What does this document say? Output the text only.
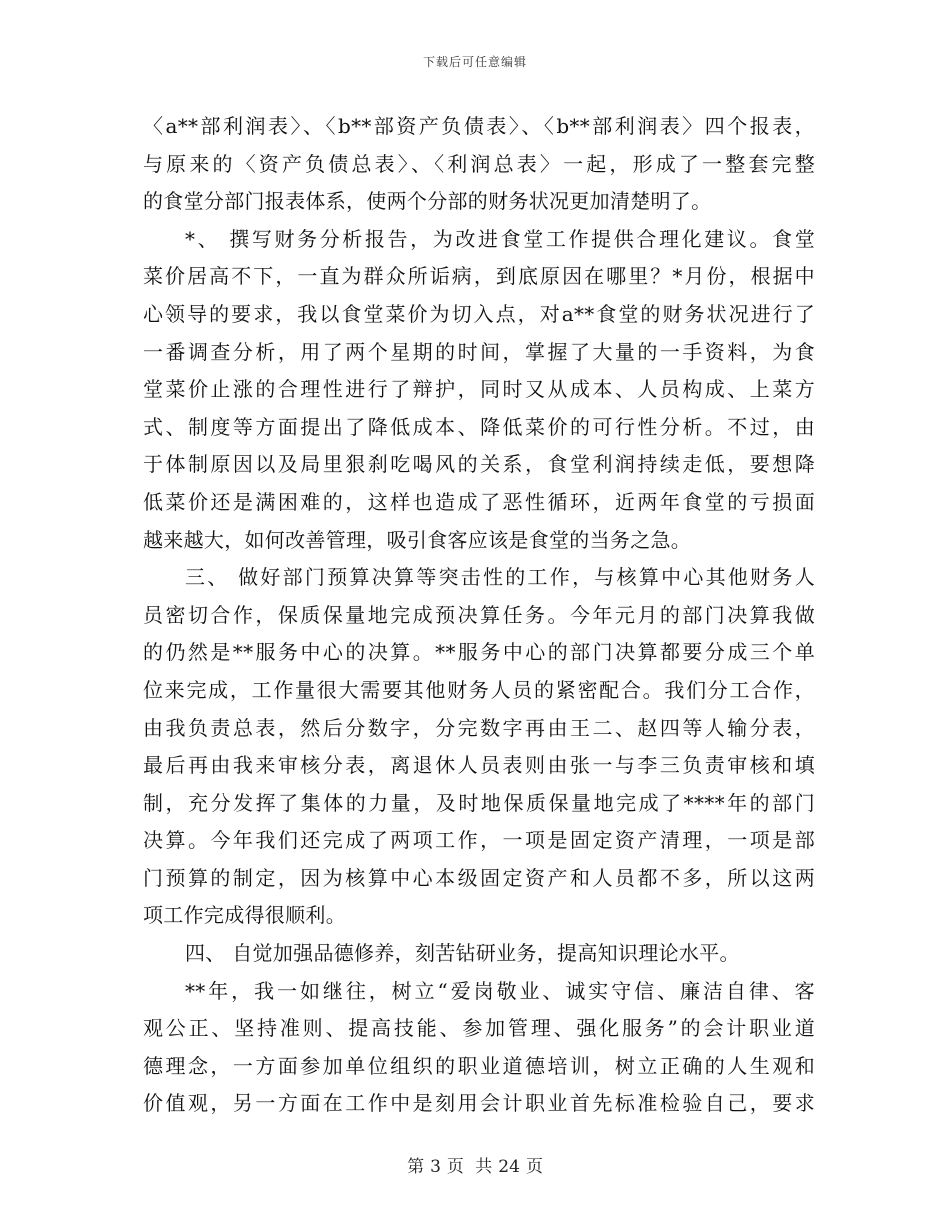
下载后可任意编辑
〈a**部利润表〉、〈b**部资产负债表〉、〈b**部利润表〉四个报表，
与原来的〈资产负债总表〉、〈利润总表〉一起，形成了一整套完整
的食堂分部门报表体系，使两个分部的财务状况更加清楚明了。
*、 撰写财务分析报告，为改进食堂工作提供合理化建议。食堂
菜价居高不下，一直为群众所诟病，到底原因在哪里？*月份，根据中
心领导的要求，我以食堂菜价为切入点，对a**食堂的财务状况进行了
一番调查分析，用了两个星期的时间，掌握了大量的一手资料，为食
堂菜价止涨的合理性进行了辩护，同时又从成本、人员构成、上菜方
式、制度等方面提出了降低成本、降低菜价的可行性分析。不过，由
于体制原因以及局里狠刹吃喝风的关系，食堂利润持续走低，要想降
低菜价还是满困难的，这样也造成了恶性循环，近两年食堂的亏损面
越来越大，如何改善管理，吸引食客应该是食堂的当务之急。
三、 做好部门预算决算等突击性的工作，与核算中心其他财务人
员密切合作，保质保量地完成预决算任务。今年元月的部门决算我做
的仍然是**服务中心的决算。**服务中心的部门决算都要分成三个单
位来完成，工作量很大需要其他财务人员的紧密配合。我们分工合作，
由我负责总表，然后分数字，分完数字再由王二、赵四等人输分表，
最后再由我来审核分表，离退休人员表则由张一与李三负责审核和填
制，充分发挥了集体的力量，及时地保质保量地完成了****年的部门
决算。今年我们还完成了两项工作，一项是固定资产清理，一项是部
门预算的制定，因为核算中心本级固定资产和人员都不多，所以这两
项工作完成得很顺利。
四、 自觉加强品德修养，刻苦钻研业务，提高知识理论水平。
**年，我一如继往，树立“爱岗敬业、诚实守信、廉洁自律、客
观公正、坚持准则、提高技能、参加管理、强化服务”的会计职业道
德理念，一方面参加单位组织的职业道德培训，树立正确的人生观和
价值观，另一方面在工作中是刻用会计职业首先标准检验自己，要求
第 3 页 共 24 页
